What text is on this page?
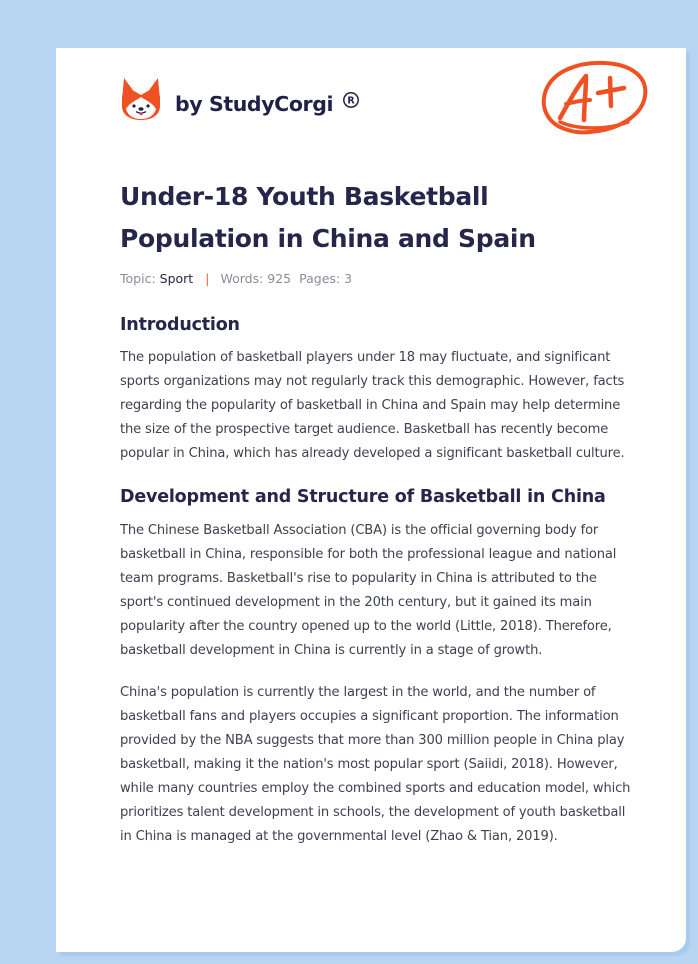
by StudyCorgi R
Under-18 Youth Basketball Population in China and Spain
Topic: Sport | Words: 925 Pages: 3
Introduction

The population of basketball players under 18 may fluctuate, and significant sports organizations may not regularly track this demographic. However, facts regarding the popularity of basketball in China and Spain may help determine the size of the prospective target audience. Basketball has recently become popular in China, which has already developed a significant basketball culture.

Development and Structure of Basketball in China

The Chinese Basketball Association (CBA) is the official governing body for basketball in China, responsible for both the professional league and national team programs. Basketball's rise to popularity in China is attributed to the sport's continued development in the 20th century, but it gained its main popularity after the country opened up to the world (Little, 2018). Therefore, basketball development in China is currently in a stage of growth.

China's population is currently the largest in the world, and the number of basketball fans and players occupies a significant proportion. The information provided by the NBA suggests that more than 300 million people in China play basketball, making it the nation's most popular sport (Saiidi, 2018). However, while many countries employ the combined sports and education model, which prioritizes talent development in schools, the development of youth basketball in China is managed at the governmental level (Zhao & Tian, 2019).
